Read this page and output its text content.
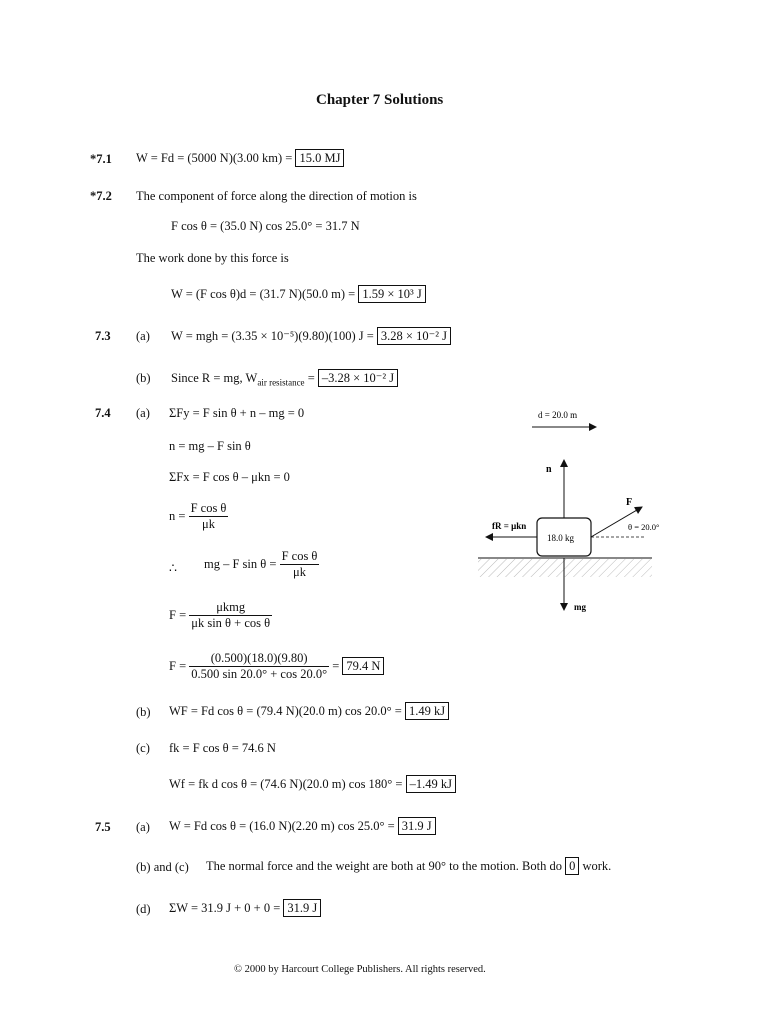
Chapter 7 Solutions
*7.1 W = Fd = (5000 N)(3.00 km) = 15.0 MJ
*7.2 The component of force along the direction of motion is
F cos θ = (35.0 N) cos 25.0° = 31.7 N
The work done by this force is
W = (F cos θ)d = (31.7 N)(50.0 m) = 1.59 × 10³ J
7.3 (a) W = mgh = (3.35 × 10⁻⁵)(9.80)(100) J = 3.28 × 10⁻² J
(b) Since R = mg, $W_{air resistance} = -3.28 \times 10^{-2}$ J
7.4 (a) ΣFy = F sin θ + n – mg = 0
n = mg – F sin θ
ΣFx = F cos θ – μkn = 0
$n = \frac{\text{F cos θ}}{\mu k}$
∴ mg – F $\sin \theta = \frac{\text{F cos θ}}{\mu k}$
$F = \frac{\text{μkmg}}{\text{μk sin θ + cos θ}}$
$F = \frac{(0.500)(18.0)(9.80)}{0.500 \sin 20.0^\circ + \cos 20.0^\circ} = 79.4$ N
(b) WF = Fd cos θ = (79.4 N)(20.0 m) cos 20.0° = 1.49 kJ
(c) fk = F cos θ = 74.6 N
Wf = fk d cos θ = (74.6 N)(20.0 m) cos 180° = –1.49 kJ
d = 20.0 m
n
mg
fR = μkn
18.0 kg
F
θ = 20.0°
7.5 (a) W = Fd cos θ = (16.0 N)(2.20 m) cos 25.0° = 31.9 J
(b) and (c) The normal force and the weight are both at 90° to the motion. Both do 0 work.
(d) ΣW = 31.9 J + 0 + 0 = 31.9 J
© 2000 by Harcourt College Publishers. All rights reserved.
